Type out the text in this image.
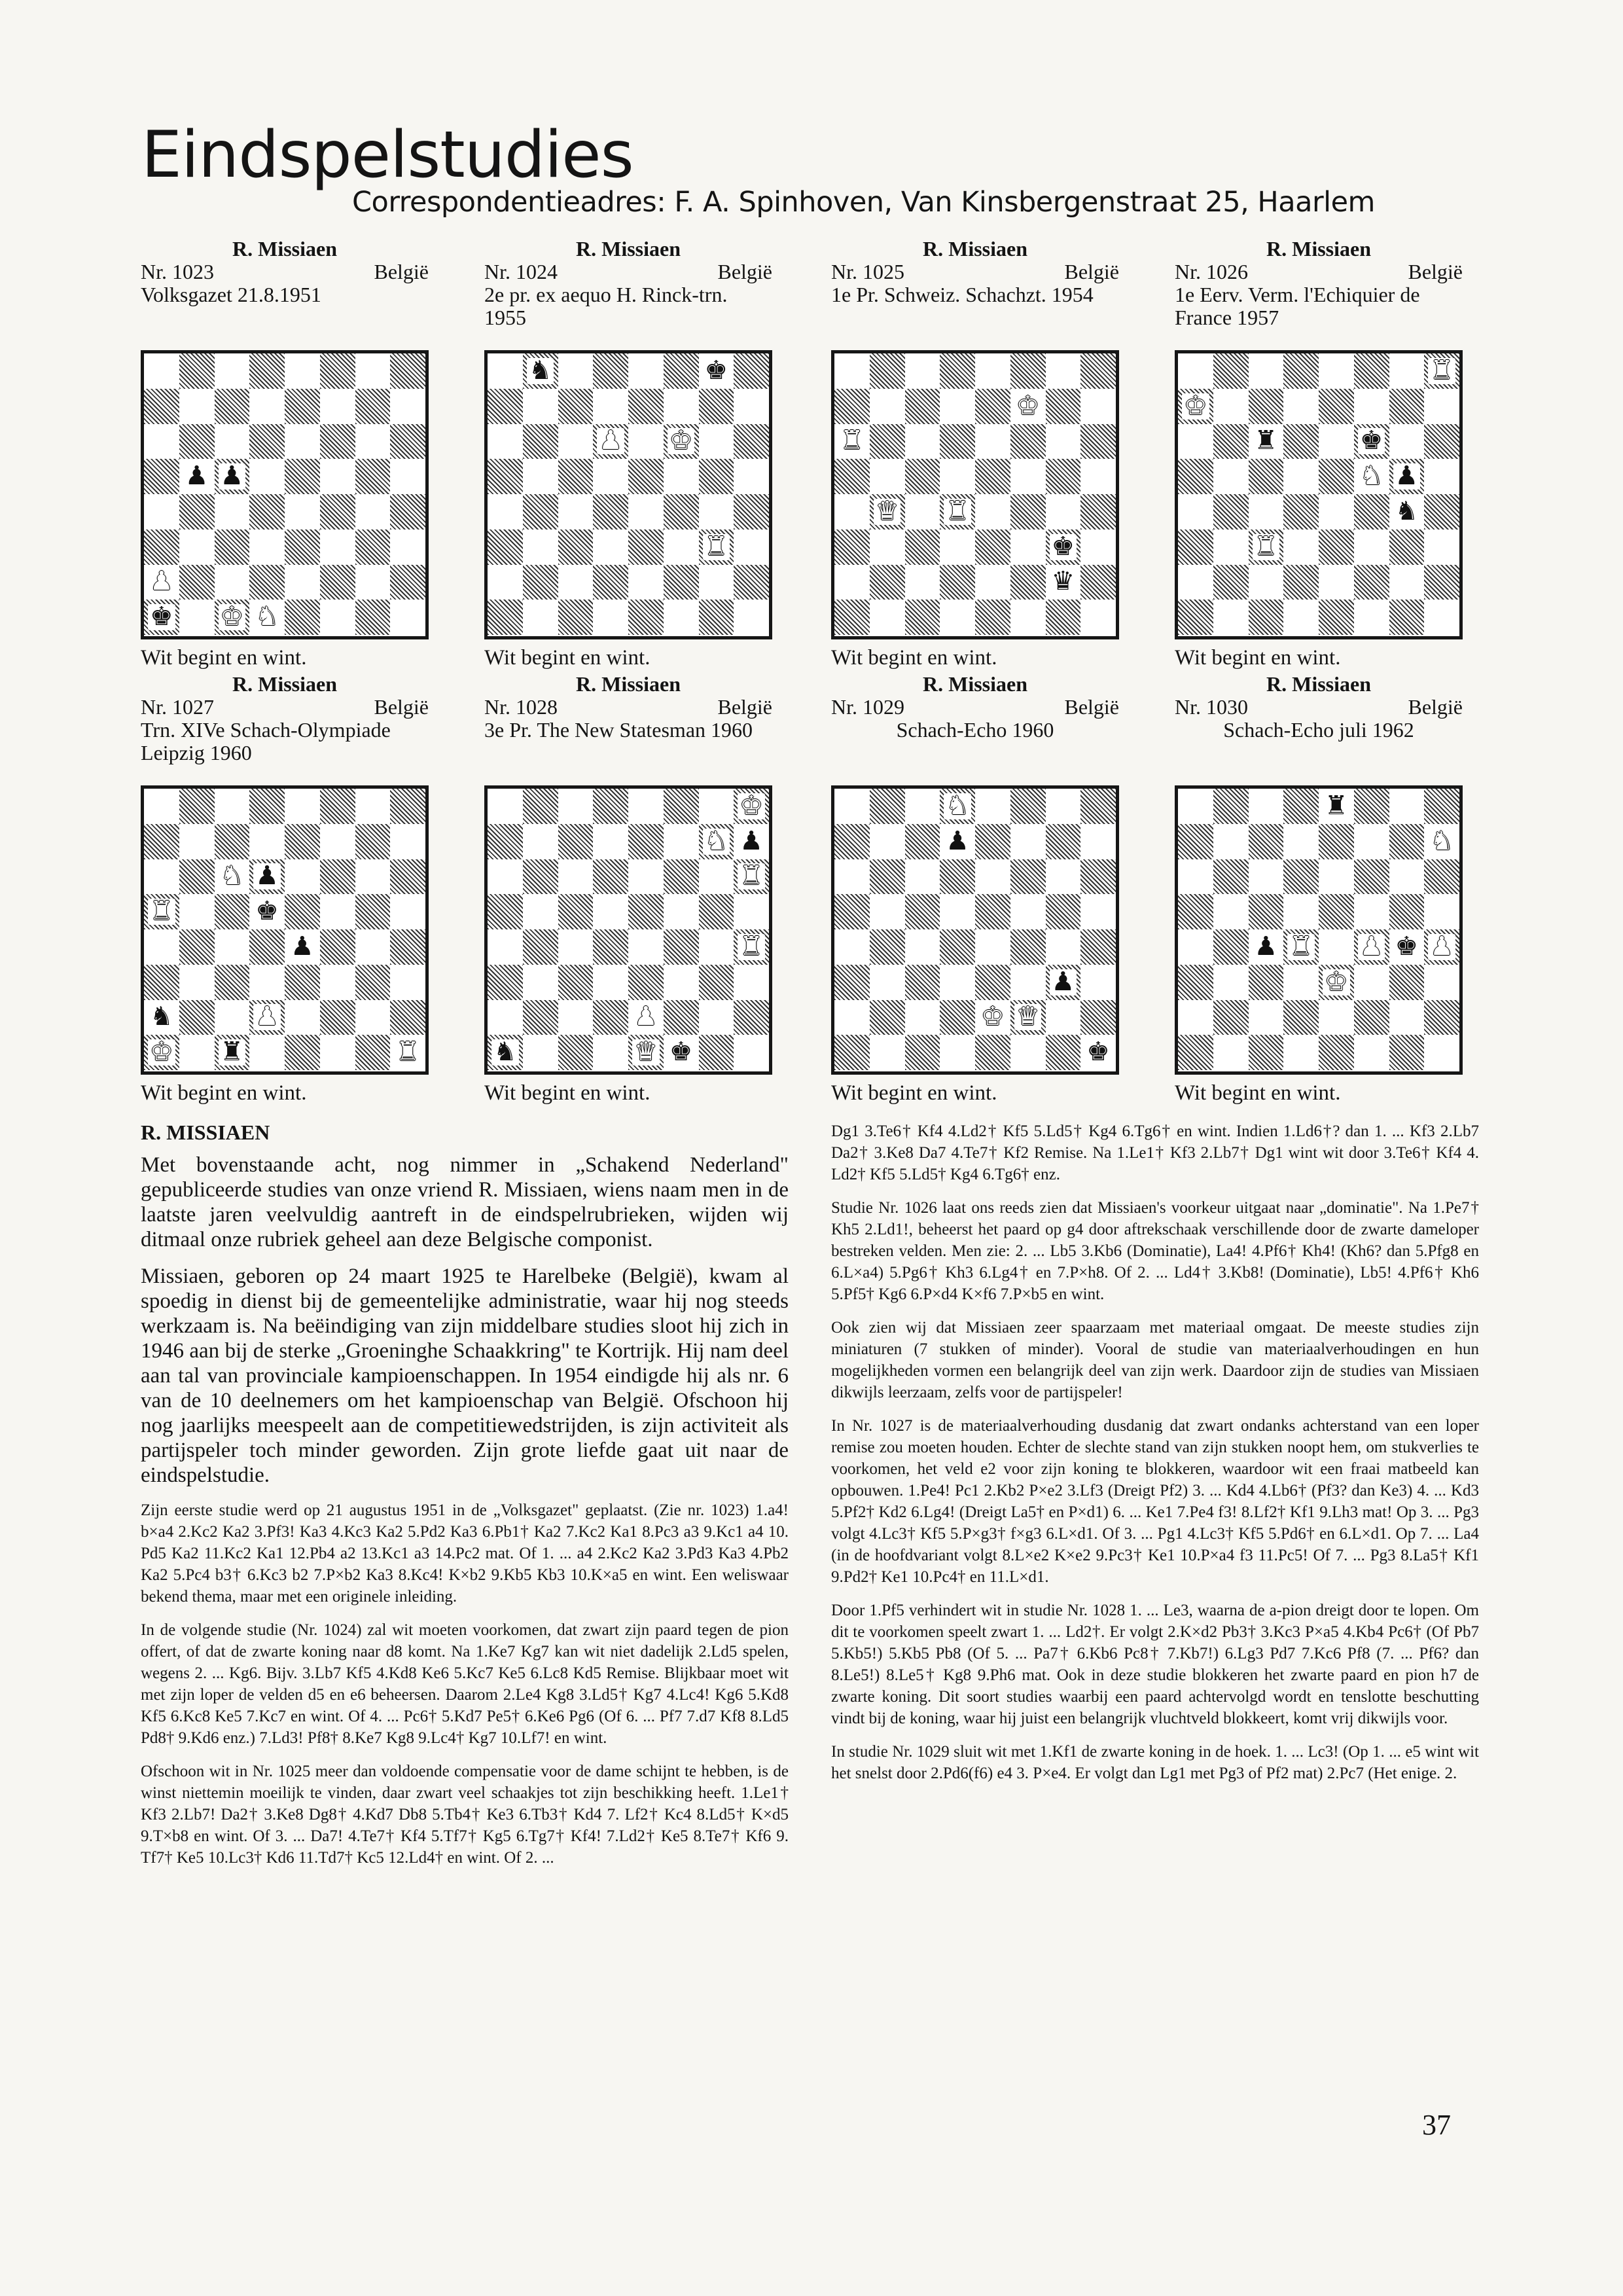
Eindspelstudies

Correspondentieadres: F. A. Spinhoven, Van Kinsbergenstraat 25, Haarlem

R. Missiaen
Nr. 1023	België
Volksgazet 21.8.1951
♟ ♟
♟
♚ ♚ ♞
Wit begint en wint.
R. Missiaen
Nr. 1024	België
2e pr. ex aequo H. Rinck-trn. 1955
♞	♚
♟ ♚
♜
Wit begint en wint.
R. Missiaen
Nr. 1025	België
1e Pr. Schweiz. Schachzt. 1954
♚
♜
♛ ♜
♚
♛
Wit begint en wint.
R. Missiaen
Nr. 1026	België
1e Eerv. Verm. l'Echiquier de France 1957
♜
♚
♜	♚
♞ ♟
♞
♜
Wit begint en wint.
R. Missiaen
Nr. 1027	België
Trn. XIVe Schach-Olympiade Leipzig 1960
♞ ♟
♜	♚
♟
♞	♟
♚ ♜	♜
Wit begint en wint.
R. Missiaen
Nr. 1028	België
3e Pr. The New Statesman 1960
♚
♞ ♟
♜
♜
♟
♞	♛ ♚
Wit begint en wint.
R. Missiaen
Nr. 1029	België
Schach-Echo 1960
♞
♟
♟
♚ ♛
♚
Wit begint en wint.
R. Missiaen
Nr. 1030	België
Schach-Echo juli 1962
♜
♞
♟ ♜ ♟ ♚ ♟
♚
Wit begint en wint.
R. MISSIAEN

Met bovenstaande acht, nog nimmer in „Schakend Nederland" gepubliceerde studies van onze vriend R. Missiaen, wiens naam men in de laatste jaren veelvuldig aantreft in de eindspelrubrieken, wijden wij ditmaal onze rubriek geheel aan deze Belgische componist.

Missiaen, geboren op 24 maart 1925 te Harelbeke (België), kwam al spoedig in dienst bij de gemeentelijke administratie, waar hij nog steeds werkzaam is. Na beëindiging van zijn middelbare studies sloot hij zich in 1946 aan bij de sterke „Groeninghe Schaakkring" te Kortrijk. Hij nam deel aan tal van provinciale kampioenschappen. In 1954 eindigde hij als nr. 6 van de 10 deelnemers om het kampioenschap van België. Ofschoon hij nog jaarlijks meespeelt aan de competitiewedstrijden, is zijn activiteit als partijspeler toch minder geworden. Zijn grote liefde gaat uit naar de eindspelstudie.

Zijn eerste studie werd op 21 augustus 1951 in de „Volksgazet" geplaatst. (Zie nr. 1023) 1.a4! b×a4 2.Kc2 Ka2 3.Pf3! Ka3 4.Kc3 Ka2 5.Pd2 Ka3 6.Pb1† Ka2 7.Kc2 Ka1 8.Pc3 a3 9.Kc1 a4 10. Pd5 Ka2 11.Kc2 Ka1 12.Pb4 a2 13.Kc1 a3 14.Pc2 mat. Of 1. ... a4 2.Kc2 Ka2 3.Pd3 Ka3 4.Pb2 Ka2 5.Pc4 b3† 6.Kc3 b2 7.P×b2 Ka3 8.Kc4! K×b2 9.Kb5 Kb3 10.K×a5 en wint. Een weliswaar bekend thema, maar met een originele inleiding.

In de volgende studie (Nr. 1024) zal wit moeten voorkomen, dat zwart zijn paard tegen de pion offert, of dat de zwarte koning naar d8 komt. Na 1.Ke7 Kg7 kan wit niet dadelijk 2.Ld5 spelen, wegens 2. ... Kg6. Bijv. 3.Lb7 Kf5 4.Kd8 Ke6 5.Kc7 Ke5 6.Lc8 Kd5 Remise. Blijkbaar moet wit met zijn loper de velden d5 en e6 beheersen. Daarom 2.Le4 Kg8 3.Ld5† Kg7 4.Lc4! Kg6 5.Kd8 Kf5 6.Kc8 Ke5 7.Kc7 en wint. Of 4. ... Pc6† 5.Kd7 Pe5† 6.Ke6 Pg6 (Of 6. ... Pf7 7.d7 Kf8 8.Ld5 Pd8† 9.Kd6 enz.) 7.Ld3! Pf8† 8.Ke7 Kg8 9.Lc4† Kg7 10.Lf7! en wint.

Ofschoon wit in Nr. 1025 meer dan voldoende compensatie voor de dame schijnt te hebben, is de winst niettemin moeilijk te vinden, daar zwart veel schaakjes tot zijn beschikking heeft. 1.Le1† Kf3 2.Lb7! Da2† 3.Ke8 Dg8† 4.Kd7 Db8 5.Tb4† Ke3 6.Tb3† Kd4 7. Lf2† Kc4 8.Ld5† K×d5 9.T×b8 en wint. Of 3. ... Da7! 4.Te7† Kf4 5.Tf7† Kg5 6.Tg7† Kf4! 7.Ld2† Ke5 8.Te7† Kf6 9. Tf7† Ke5 10.Lc3† Kd6 11.Td7† Kc5 12.Ld4† en wint. Of 2. ...

Dg1 3.Te6† Kf4 4.Ld2† Kf5 5.Ld5† Kg4 6.Tg6† en wint. Indien 1.Ld6†? dan 1. ... Kf3 2.Lb7 Da2† 3.Ke8 Da7 4.Te7† Kf2 Remise. Na 1.Le1† Kf3 2.Lb7† Dg1 wint wit door 3.Te6† Kf4 4. Ld2† Kf5 5.Ld5† Kg4 6.Tg6† enz.

Studie Nr. 1026 laat ons reeds zien dat Missiaen's voorkeur uitgaat naar „dominatie". Na 1.Pe7† Kh5 2.Ld1!, beheerst het paard op g4 door aftrekschaak verschillende door de zwarte dameloper bestreken velden. Men zie: 2. ... Lb5 3.Kb6 (Dominatie), La4! 4.Pf6† Kh4! (Kh6? dan 5.Pfg8 en 6.L×a4) 5.Pg6† Kh3 6.Lg4† en 7.P×h8. Of 2. ... Ld4† 3.Kb8! (Dominatie), Lb5! 4.Pf6† Kh6 5.Pf5† Kg6 6.P×d4 K×f6 7.P×b5 en wint.

Ook zien wij dat Missiaen zeer spaarzaam met materiaal omgaat. De meeste studies zijn miniaturen (7 stukken of minder). Vooral de studie van materiaalverhoudingen en hun mogelijkheden vormen een belangrijk deel van zijn werk. Daardoor zijn de studies van Missiaen dikwijls leerzaam, zelfs voor de partijspeler!

In Nr. 1027 is de materiaalverhouding dusdanig dat zwart ondanks achterstand van een loper remise zou moeten houden. Echter de slechte stand van zijn stukken noopt hem, om stukverlies te voorkomen, het veld e2 voor zijn koning te blokkeren, waardoor wit een fraai matbeeld kan opbouwen. 1.Pe4! Pc1 2.Kb2 P×e2 3.Lf3 (Dreigt Pf2) 3. ... Kd4 4.Lb6† (Pf3? dan Ke3) 4. ... Kd3 5.Pf2† Kd2 6.Lg4! (Dreigt La5† en P×d1) 6. ... Ke1 7.Pe4 f3! 8.Lf2† Kf1 9.Lh3 mat! Op 3. ... Pg3 volgt 4.Lc3† Kf5 5.P×g3† f×g3 6.L×d1. Of 3. ... Pg1 4.Lc3† Kf5 5.Pd6† en 6.L×d1. Op 7. ... La4 (in de hoofdvariant volgt 8.L×e2 K×e2 9.Pc3† Ke1 10.P×a4 f3 11.Pc5! Of 7. ... Pg3 8.La5† Kf1 9.Pd2† Ke1 10.Pc4† en 11.L×d1.

Door 1.Pf5 verhindert wit in studie Nr. 1028 1. ... Le3, waarna de a-pion dreigt door te lopen. Om dit te voorkomen speelt zwart 1. ... Ld2†. Er volgt 2.K×d2 Pb3† 3.Kc3 P×a5 4.Kb4 Pc6† (Of Pb7 5.Kb5!) 5.Kb5 Pb8 (Of 5. ... Pa7† 6.Kb6 Pc8† 7.Kb7!) 6.Lg3 Pd7 7.Kc6 Pf8 (7. ... Pf6? dan 8.Le5!) 8.Le5† Kg8 9.Ph6 mat. Ook in deze studie blokkeren het zwarte paard en pion h7 de zwarte koning. Dit soort studies waarbij een paard achtervolgd wordt en tenslotte beschutting vindt bij de koning, waar hij juist een belangrijk vluchtveld blokkeert, komt vrij dikwijls voor.

In studie Nr. 1029 sluit wit met 1.Kf1 de zwarte koning in de hoek. 1. ... Lc3! (Op 1. ... e5 wint wit het snelst door 2.Pd6(f6) e4 3. P×e4. Er volgt dan Lg1 met Pg3 of Pf2 mat) 2.Pc7 (Het enige. 2.

37
